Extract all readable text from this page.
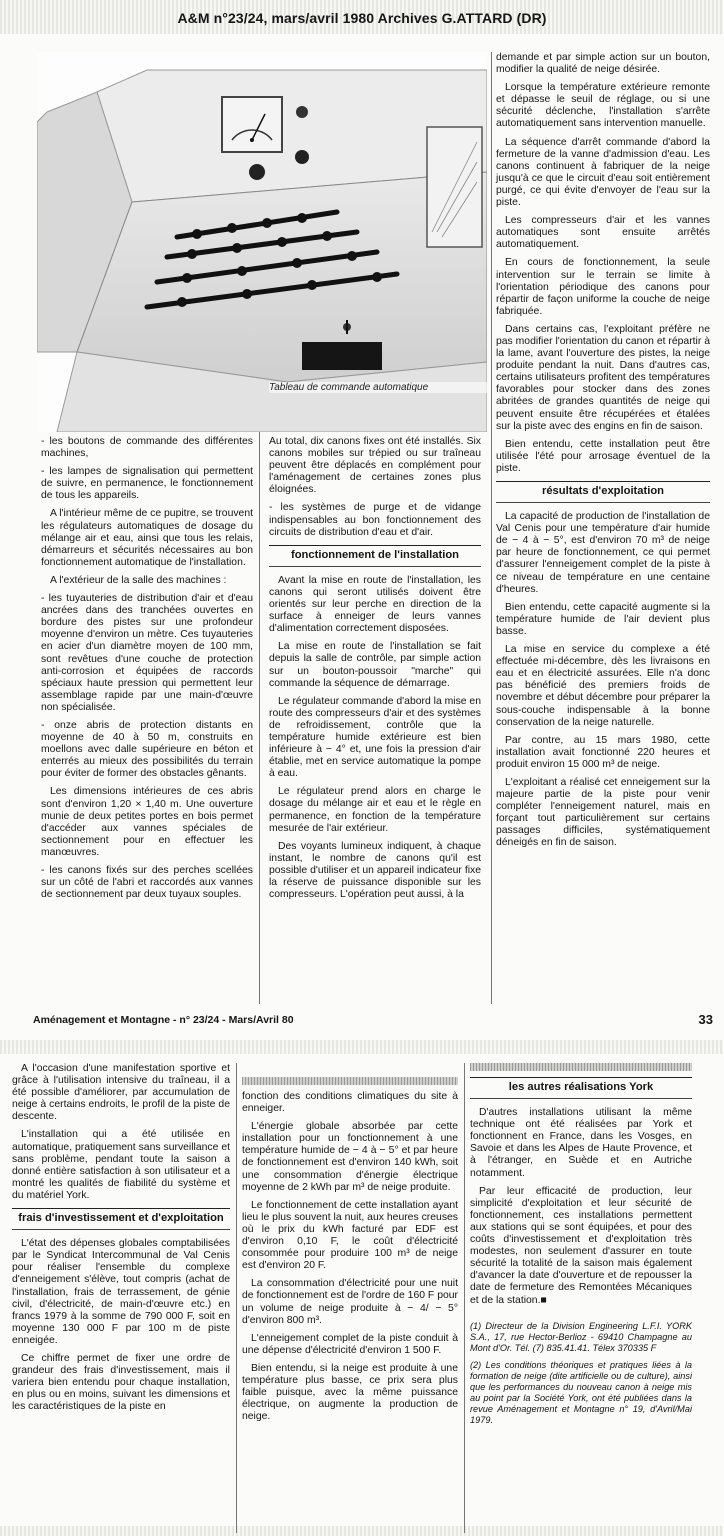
A&M n°23/24, mars/avril 1980 Archives G.ATTARD (DR)
Tableau de commande automatique

demande et par simple action sur un bouton, modifier la qualité de neige désirée.

Lorsque la température extérieure remonte et dépasse le seuil de réglage, ou si une sécurité déclenche, l'installation s'arrête automatiquement sans intervention manuelle.

La séquence d'arrêt commande d'abord la fermeture de la vanne d'admission d'eau. Les canons continuent à fabriquer de la neige jusqu'à ce que le circuit d'eau soit entièrement purgé, ce qui évite d'envoyer de l'eau sur la piste.

Les compresseurs d'air et les vannes automatiques sont ensuite arrêtés automatiquement.

En cours de fonctionnement, la seule intervention sur le terrain se limite à l'orientation périodique des canons pour répartir de façon uniforme la couche de neige fabriquée.

Dans certains cas, l'exploitant préfère ne pas modifier l'orientation du canon et répartir à la lame, avant l'ouverture des pistes, la neige produite pendant la nuit. Dans d'autres cas, certains utilisateurs profitent des températures favorables pour stocker dans des zones abritées de grandes quantités de neige qui peuvent ensuite être récupérées et étalées sur la piste avec des engins en fin de saison.

Bien entendu, cette installation peut être utilisée l'été pour arrosage éventuel de la piste.

résultats d'exploitation

La capacité de production de l'installation de Val Cenis pour une température d'air humide de − 4 à − 5°, est d'environ 70 m³ de neige par heure de fonctionnement, ce qui permet d'assurer l'enneigement complet de la piste à ce niveau de température en une centaine d'heures.

Bien entendu, cette capacité augmente si la température humide de l'air devient plus basse.

La mise en service du complexe a été effectuée mi-décembre, dès les livraisons en eau et en électricité assurées. Elle n'a donc pas bénéficié des premiers froids de novembre et début décembre pour préparer la sous-couche indispensable à la bonne conservation de la neige naturelle.

Par contre, au 15 mars 1980, cette installation avait fonctionné 220 heures et produit environ 15 000 m³ de neige.

L'exploitant a réalisé cet enneigement sur la majeure partie de la piste pour venir compléter l'enneigement naturel, mais en forçant tout particulièrement sur certains passages difficiles, systématiquement déneigés en fin de saison.

- les boutons de commande des différentes machines,

- les lampes de signalisation qui permettent de suivre, en permanence, le fonctionnement de tous les appareils.

A l'intérieur même de ce pupitre, se trouvent les régulateurs automatiques de dosage du mélange air et eau, ainsi que tous les relais, démarreurs et sécurités nécessaires au bon fonctionnement automatique de l'installation.

A l'extérieur de la salle des machines :

- les tuyauteries de distribution d'air et d'eau ancrées dans des tranchées ouvertes en bordure des pistes sur une profondeur moyenne d'environ un mètre. Ces tuyauteries en acier d'un diamètre moyen de 100 mm, sont revêtues d'une couche de protection anti-corrosion et équipées de raccords spéciaux haute pression qui permettent leur assemblage rapide par une main-d'œuvre non spécialisée.

- onze abris de protection distants en moyenne de 40 à 50 m, construits en moellons avec dalle supérieure en béton et enterrés au mieux des possibilités du terrain pour éviter de former des obstacles gênants.

Les dimensions intérieures de ces abris sont d'environ 1,20 × 1,40 m. Une ouverture munie de deux petites portes en bois permet d'accéder aux vannes spéciales de sectionnement pour en effectuer les manœuvres.

- les canons fixés sur des perches scellées sur un côté de l'abri et raccordés aux vannes de sectionnement par deux tuyaux souples.

Au total, dix canons fixes ont été installés. Six canons mobiles sur trépied ou sur traîneau peuvent être déplacés en complément pour l'aménagement de certaines zones plus éloignées.

- les systèmes de purge et de vidange indispensables au bon fonctionnement des circuits de distribution d'eau et d'air.

fonctionnement de l'installation

Avant la mise en route de l'installation, les canons qui seront utilisés doivent être orientés sur leur perche en direction de la surface à enneiger de leurs vannes d'alimentation correctement disposées.

La mise en route de l'installation se fait depuis la salle de contrôle, par simple action sur un bouton-poussoir "marche" qui commande la séquence de démarrage.

Le régulateur commande d'abord la mise en route des compresseurs d'air et des systèmes de refroidissement, contrôle que la température humide extérieure est bien inférieure à − 4° et, une fois la pression d'air établie, met en service automatique la pompe à eau.

Le régulateur prend alors en charge le dosage du mélange air et eau et le règle en permanence, en fonction de la température mesurée de l'air extérieur.

Des voyants lumineux indiquent, à chaque instant, le nombre de canons qu'il est possible d'utiliser et un appareil indicateur fixe la réserve de puissance disponible sur les compresseurs. L'opération peut aussi, à la

Aménagement et Montagne - n° 23/24 - Mars/Avril 80	33

A l'occasion d'une manifestation sportive et grâce à l'utilisation intensive du traîneau, il a été possible d'améliorer, par accumulation de neige à certains endroits, le profil de la piste de descente.

L'installation qui a été utilisée en automatique, pratiquement sans surveillance et sans problème, pendant toute la saison a donné entière satisfaction à son utilisateur et a montré les qualités de fiabilité du système et du matériel York.

frais d'investissement et d'exploitation

L'état des dépenses globales comptabilisées par le Syndicat Intercommunal de Val Cenis pour réaliser l'ensemble du complexe d'enneigement s'élève, tout compris (achat de l'installation, frais de terrassement, de génie civil, d'électricité, de main-d'œuvre etc.) en francs 1979 à la somme de 790 000 F, soit en moyenne 130 000 F par 100 m de piste enneigée.

Ce chiffre permet de fixer une ordre de grandeur des frais d'investissement, mais il variera bien entendu pour chaque installation, en plus ou en moins, suivant les dimensions et les caractéristiques de la piste en

fonction des conditions climatiques du site à enneiger.

L'énergie globale absorbée par cette installation pour un fonctionnement à une température humide de − 4 à − 5° et par heure de fonctionnement est d'environ 140 kWh, soit une consommation d'énergie électrique moyenne de 2 kWh par m³ de neige produite.

Le fonctionnement de cette installation ayant lieu le plus souvent la nuit, aux heures creuses où le prix du kWh facturé par EDF est d'environ 0,10 F, le coût d'électricité consommée pour produire 100 m³ de neige est d'environ 20 F.

La consommation d'électricité pour une nuit de fonctionnement est de l'ordre de 160 F pour un volume de neige produite à − 4/ − 5° d'environ 800 m³.

L'enneigement complet de la piste conduit à une dépense d'électricité d'environ 1 500 F.

Bien entendu, si la neige est produite à une température plus basse, ce prix sera plus faible puisque, avec la même puissance électrique, on augmente la production de neige.

les autres réalisations York

D'autres installations utilisant la même technique ont été réalisées par York et fonctionnent en France, dans les Vosges, en Savoie et dans les Alpes de Haute Provence, et à l'étranger, en Suède et en Autriche notamment.

Par leur efficacité de production, leur simplicité d'exploitation et leur sécurité de fonctionnement, ces installations permettent aux stations qui se sont équipées, et pour des coûts d'investissement et d'exploitation très modestes, non seulement d'assurer en toute sécurité la totalité de la saison mais également d'avancer la date d'ouverture et de repousser la date de fermeture des Remontées Mécaniques et de la station.■

(1) Directeur de la Division Engineering L.F.I. YORK S.A., 17, rue Hector-Berlioz - 69410 Champagne au Mont d'Or. Tél. (7) 835.41.41. Télex 370335 F

(2) Les conditions théoriques et pratiques liées à la formation de neige (dite artificielle ou de culture), ainsi que les performances du nouveau canon à neige mis au point par la Société York, ont été publiées dans la revue Aménagement et Montagne n° 19, d'Avril/Mai 1979.
